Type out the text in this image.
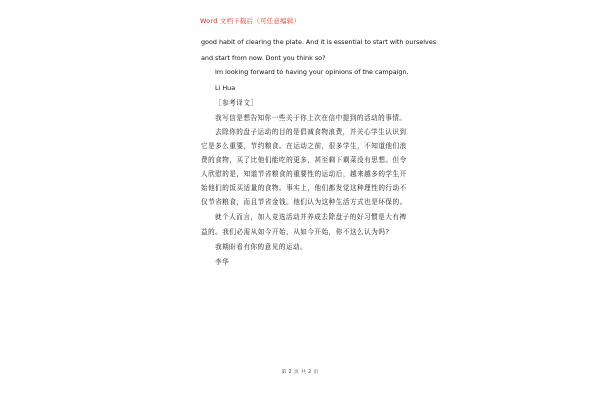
Word 文档下载后（可任意编辑）
good habit of clearing the plate. And it is essential to start with ourselves
and start from now. Dont you think so?
Im looking forward to having your opinions of the campaign.
Li Hua
［参考译文］
我写信是想告知你一些关于你上次在信中提到的活动的事情。
去除你的盘子运动的目的是倡减食物浪费，并关心学生认识到
它是多么重要，节约粮食。在运动之前，很多学生，不知道他们浪
费的食物，买了比他们能吃的更多，甚至剩下剩菜没有思想。但令
人欣慰的是，知道节省粮食的重要性的运动后，越来越多的学生开
始他们的饭买适量的食物。事实上，他们都发觉这种理性的行动不
仅节省粮食，而且节省金钱。他们认为这种生活方式也是环保的。
就个人而言，加入竞选活动并养成去除盘子的好习惯是大有裨
益的。我们必需从如今开始，从如今开始，你不这么认为吗?
我期盼看有你的意见的运动。
李华
第 2 页 共 2 页
